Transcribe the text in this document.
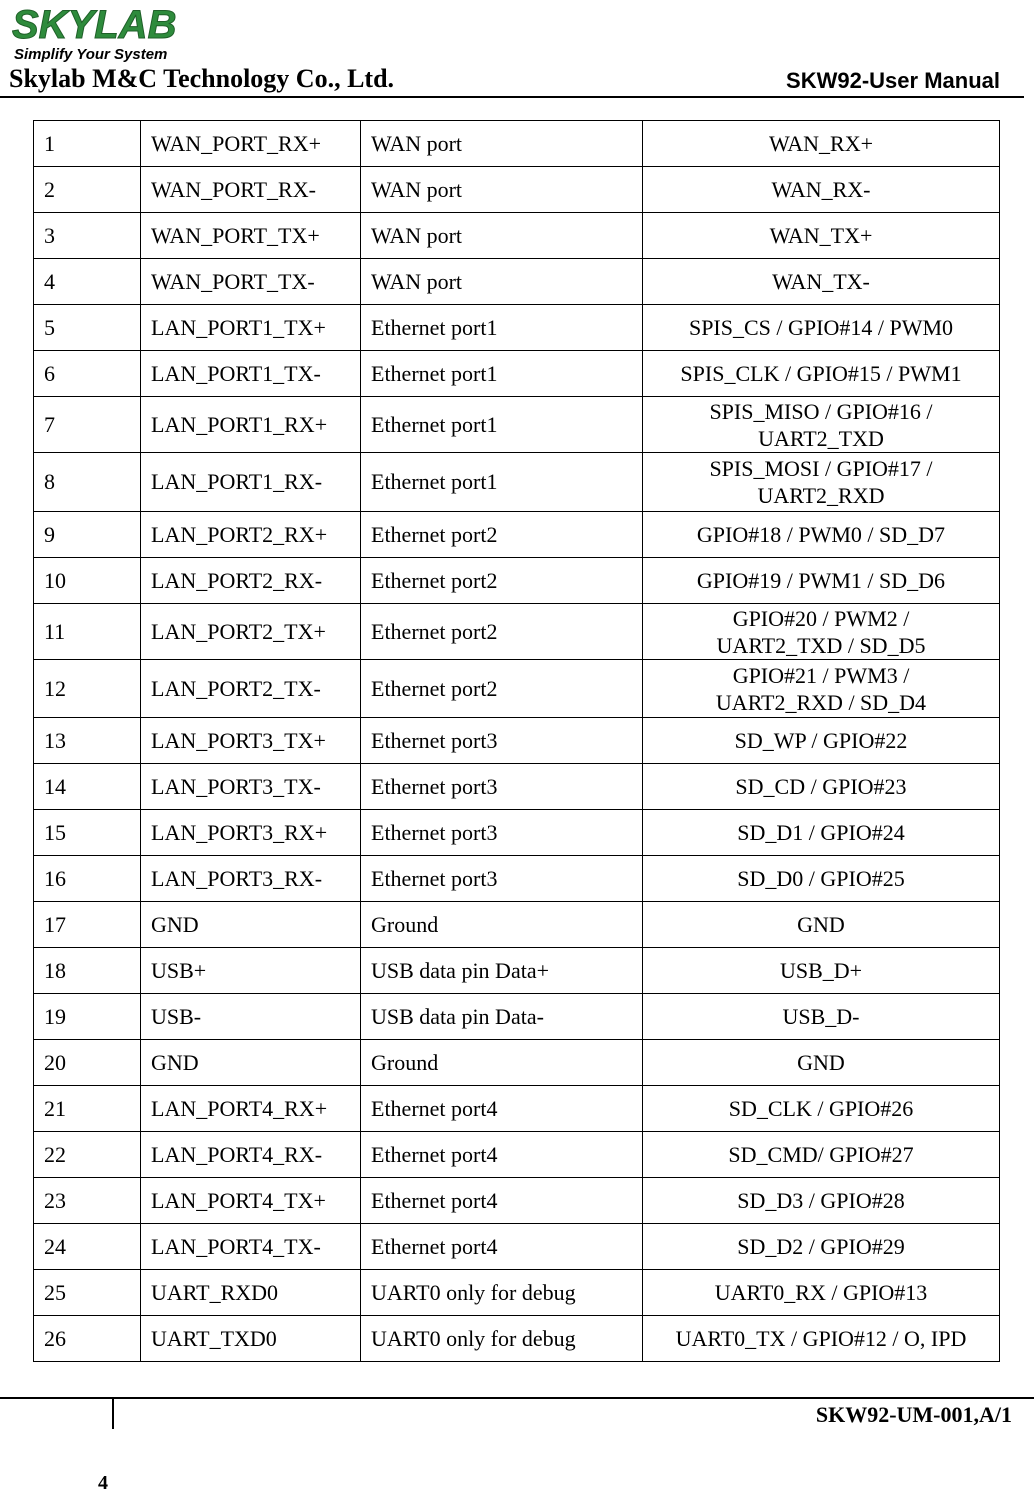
SKYLAB
Simplify Your System
Skylab M&C Technology Co., Ltd.	SKW92-User Manual
1	WAN_PORT_RX+	WAN port	WAN_RX+

2	WAN_PORT_RX-	WAN port	WAN_RX-

3	WAN_PORT_TX+	WAN port	WAN_TX+

4	WAN_PORT_TX-	WAN port	WAN_TX-

5	LAN_PORT1_TX+	Ethernet port1	SPIS_CS / GPIO#14 / PWM0

6	LAN_PORT1_TX-	Ethernet port1	SPIS_CLK / GPIO#15 / PWM1

7	LAN_PORT1_RX+	Ethernet port1	SPIS_MISO / GPIO#16 /
UART2_TXD

8	LAN_PORT1_RX-	Ethernet port1	SPIS_MOSI / GPIO#17 /
UART2_RXD

9	LAN_PORT2_RX+	Ethernet port2	GPIO#18 / PWM0 / SD_D7

10	LAN_PORT2_RX-	Ethernet port2	GPIO#19 / PWM1 / SD_D6

11	LAN_PORT2_TX+	Ethernet port2	GPIO#20 / PWM2 /
UART2_TXD / SD_D5

12	LAN_PORT2_TX-	Ethernet port2	GPIO#21 / PWM3 /
UART2_RXD / SD_D4

13	LAN_PORT3_TX+	Ethernet port3	SD_WP / GPIO#22

14	LAN_PORT3_TX-	Ethernet port3	SD_CD / GPIO#23

15	LAN_PORT3_RX+	Ethernet port3	SD_D1 / GPIO#24

16	LAN_PORT3_RX-	Ethernet port3	SD_D0 / GPIO#25

17	GND	Ground	GND

18	USB+	USB data pin Data+	USB_D+

19	USB-	USB data pin Data-	USB_D-

20	GND	Ground	GND

21	LAN_PORT4_RX+	Ethernet port4	SD_CLK / GPIO#26

22	LAN_PORT4_RX-	Ethernet port4	SD_CMD/ GPIO#27

23	LAN_PORT4_TX+	Ethernet port4	SD_D3 / GPIO#28

24	LAN_PORT4_TX-	Ethernet port4	SD_D2 / GPIO#29

25	UART_RXD0	UART0 only for debug	UART0_RX / GPIO#13

26	UART_TXD0	UART0 only for debug	UART0_TX / GPIO#12 / O, IPD
SKW92-UM-001,A/1
4
